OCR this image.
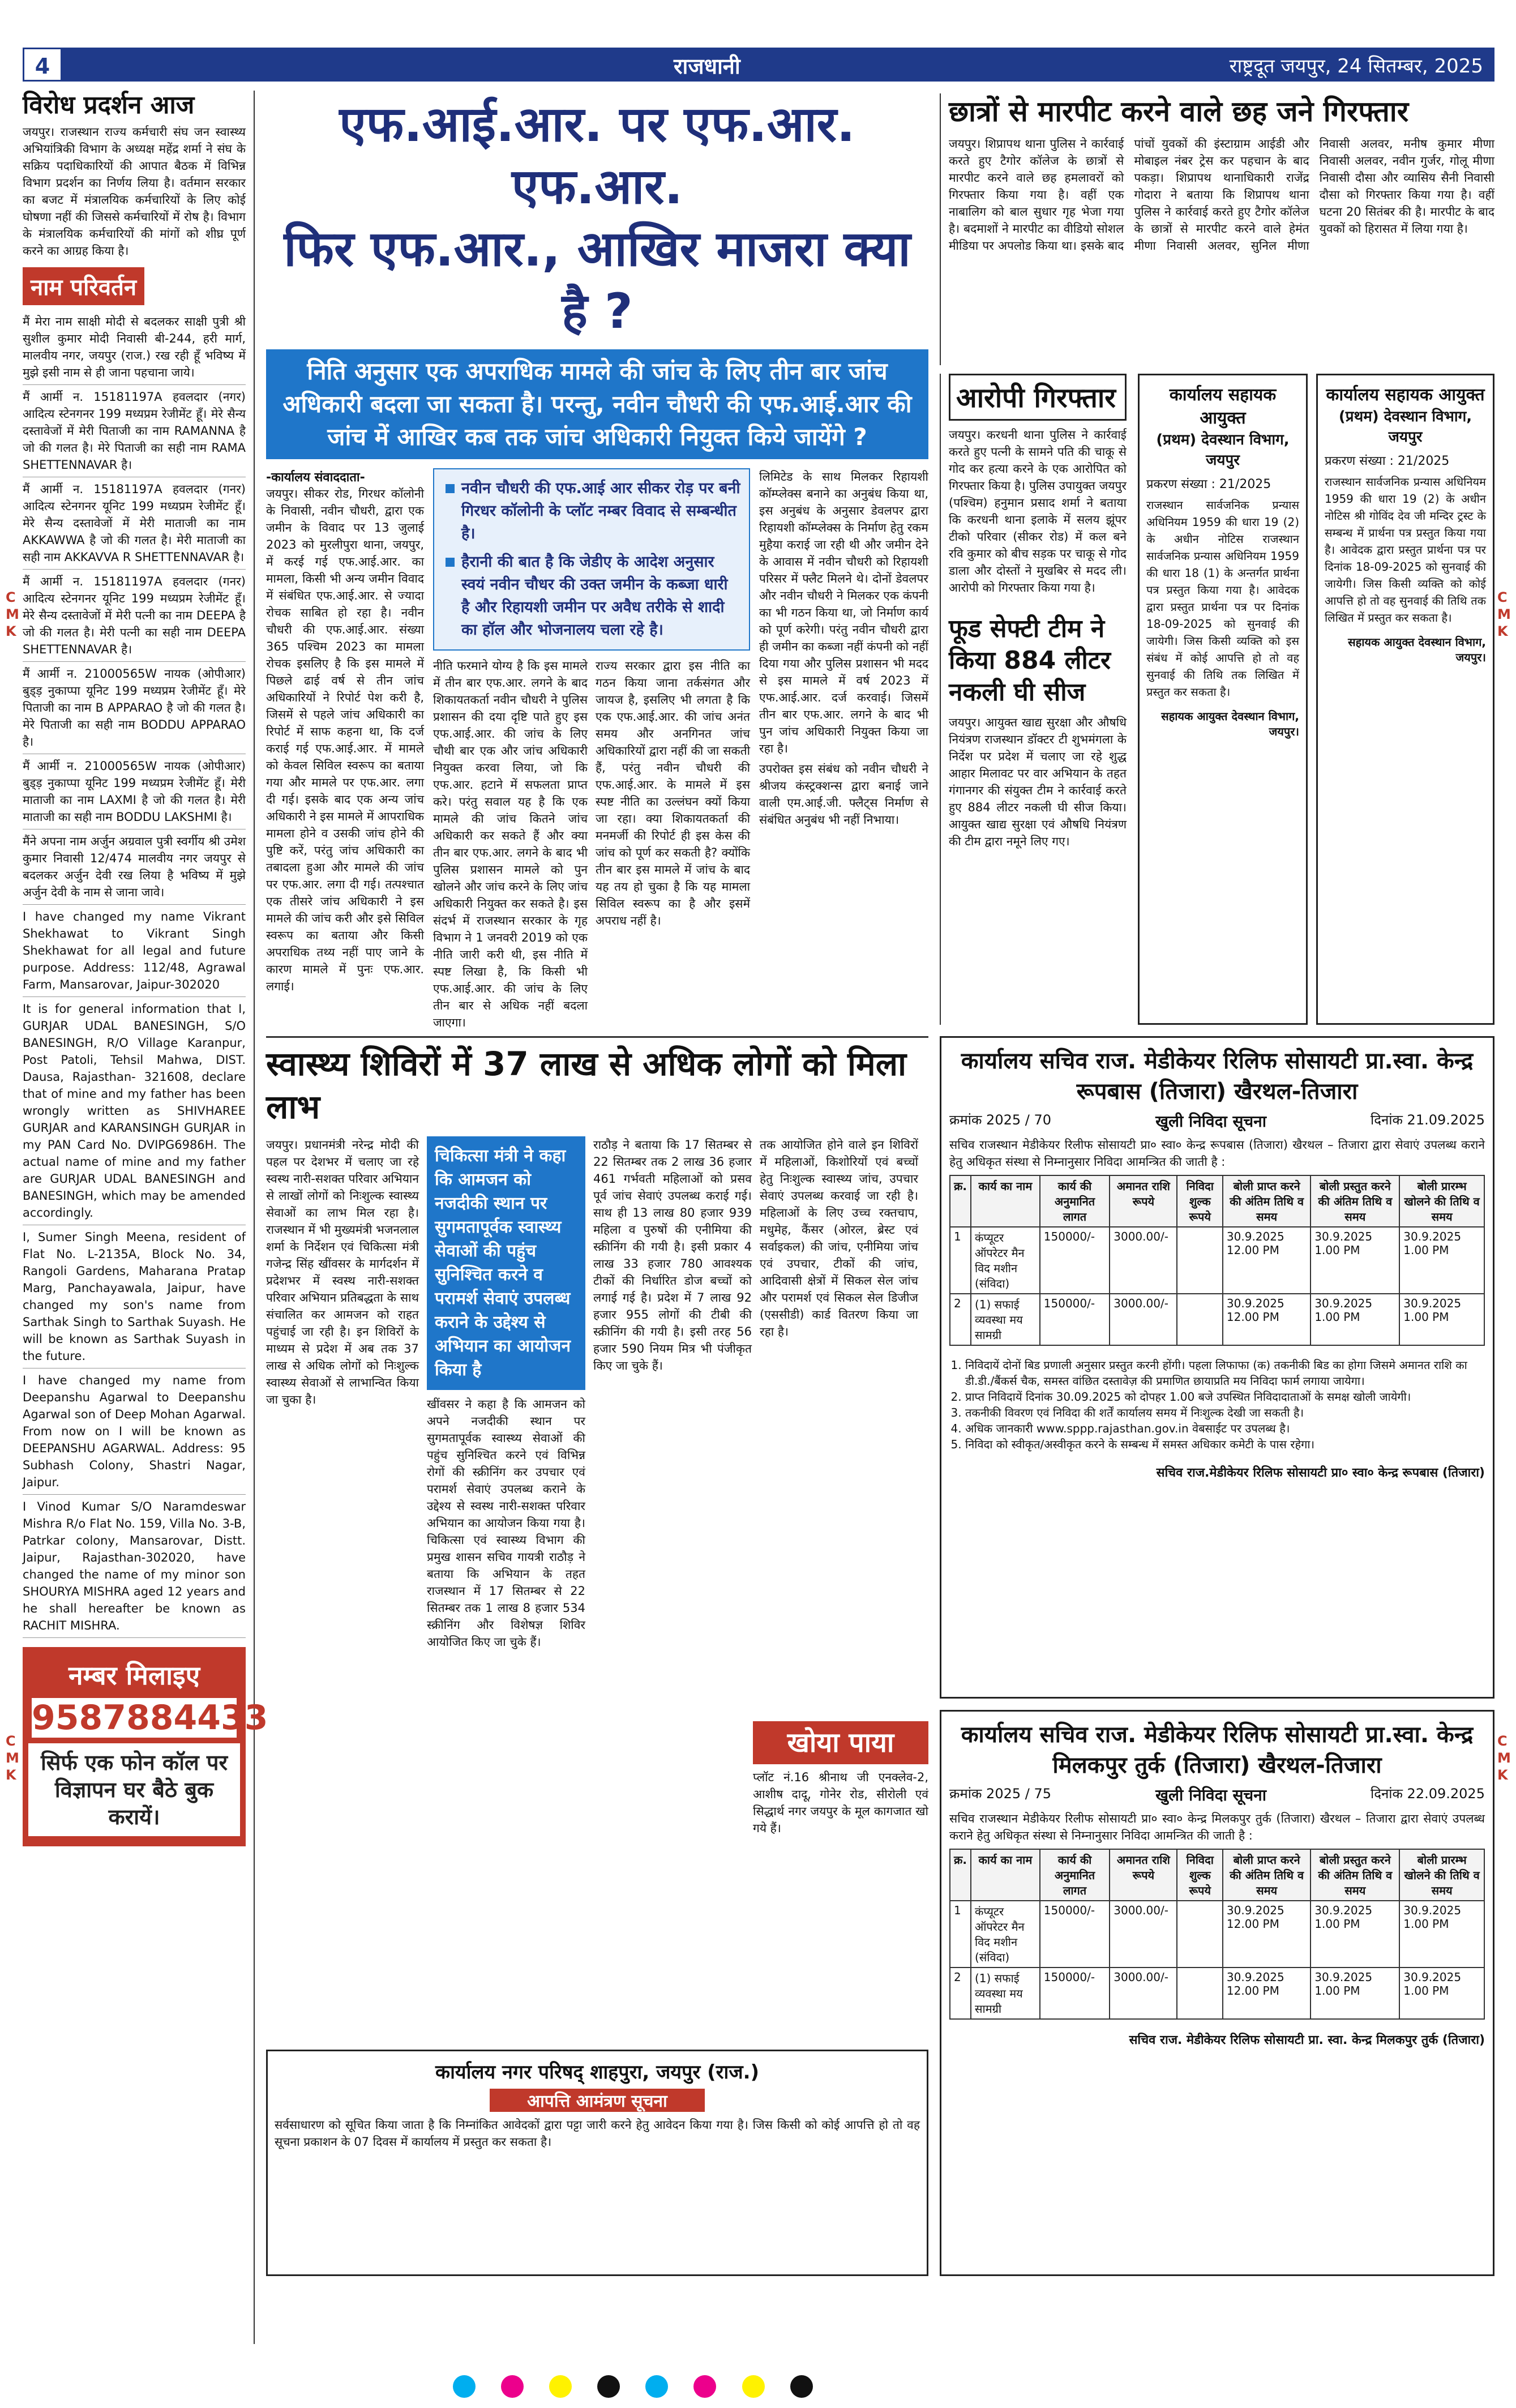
4	राजधानी	राष्ट्रदूत जयपुर, 24 सितम्बर, 2025
विरोध प्रदर्शन आज
जयपुर। राजस्थान राज्य कर्मचारी संघ जन स्वास्थ्य अभियांत्रिकी विभाग के अध्यक्ष महेंद्र शर्मा ने संघ के सक्रिय पदाधिकारियों की आपात बैठक में विभिन्न विभाग प्रदर्शन का निर्णय लिया है। वर्तमान सरकार का बजट में मंत्रालयिक कर्मचारियों के लिए कोई घोषणा नहीं की जिससे कर्मचारियों में रोष है। विभाग के मंत्रालयिक कर्मचारियों की मांगों को शीघ्र पूर्ण करने का आग्रह किया है।
नाम परिवर्तन
मैं मेरा नाम साक्षी मोदी से बदलकर साक्षी पुत्री श्री सुशील कुमार मोदी निवासी बी-244, हरी मार्ग, मालवीय नगर, जयपुर (राज.) रख रही हूँ भविष्य में मुझे इसी नाम से ही जाना पहचाना जाये।
मैं आर्मी न. 15181197A हवलदार (नगर) आदित्य स्टेनगनर 199 मध्यप्रम रेजीमेंट हूँ। मेरे सैन्य दस्तावेजों में मेरी पिताजी का नाम RAMANNA है जो की गलत है। मेरे पिताजी का सही नाम RAMA SHETTENNAVAR है।
मैं आर्मी न. 15181197A हवलदार (गनर) आदित्य स्टेनगनर यूनिट 199 मध्यप्रम रेजीमेंट हूँ। मेरे सैन्य दस्तावेजों में मेरी माताजी का नाम AKKAWWA है जो की गलत है। मेरी माताजी का सही नाम AKKAVVA R SHETTENNAVAR है।
मैं आर्मी न. 15181197A हवलदार (गनर) आदित्य स्टेनगनर यूनिट 199 मध्यप्रम रेजीमेंट हूँ। मेरे सैन्य दस्तावेजों में मेरी पत्नी का नाम DEEPA है जो की गलत है। मेरी पत्नी का सही नाम DEEPA SHETTENNAVAR है।
मैं आर्मी न. 21000565W नायक (ओपीआर) बुड्ड़ नुकाप्पा यूनिट 199 मध्यप्रम रेजीमेंट हूँ। मेरे पिताजी का नाम B APPARAO है जो की गलत है। मेरे पिताजी का सही नाम BODDU APPARAO है।
मैं आर्मी न. 21000565W नायक (ओपीआर) बुड्ड़ नुकाप्पा यूनिट 199 मध्यप्रम रेजीमेंट हूँ। मेरी माताजी का नाम LAXMI है जो की गलत है। मेरी माताजी का सही नाम BODDU LAKSHMI है।
मैंने अपना नाम अर्जुन अग्रवाल पुत्री स्वर्गीय श्री उमेश कुमार निवासी 12/474 मालवीय नगर जयपुर से बदलकर अर्जुन देवी रख लिया है भविष्य में मुझे अर्जुन देवी के नाम से जाना जावे।
I have changed my name Vikrant Shekhawat to Vikrant Singh Shekhawat for all legal and future purpose. Address: 112/48, Agrawal Farm, Mansarovar, Jaipur-302020
It is for general information that I, GURJAR UDAL BANESINGH, S/O BANESINGH, R/O Village Karanpur, Post Patoli, Tehsil Mahwa, DIST. Dausa, Rajasthan- 321608, declare that of mine and my father has been wrongly written as SHIVHAREE GURJAR and KARANSINGH GURJAR in my PAN Card No. DVIPG6986H. The actual name of mine and my father are GURJAR UDAL BANESINGH and BANESINGH, which may be amended accordingly.
I, Sumer Singh Meena, resident of Flat No. L-2135A, Block No. 34, Rangoli Gardens, Maharana Pratap Marg, Panchayawala, Jaipur, have changed my son's name from Sarthak Singh to Sarthak Suyash. He will be known as Sarthak Suyash in the future.
I have changed my name from Deepanshu Agarwal to Deepanshu Agarwal son of Deep Mohan Agarwal. From now on I will be known as DEEPANSHU AGARWAL. Address: 95 Subhash Colony, Shastri Nagar, Jaipur.
I Vinod Kumar S/O Naramdeswar Mishra R/o Flat No. 159, Villa No. 3-B, Patrkar colony, Mansarovar, Distt. Jaipur, Rajasthan-302020, have changed the name of my minor son SHOURYA MISHRA aged 12 years and he shall hereafter be known as RACHIT MISHRA.
नम्बर मिलाइए
9587884433
सिर्फ एक फोन कॉल पर विज्ञापन घर बैठे बुक करायें।
C
M
K
C
M
K
C
M
K
C
M
K
एफ.आई.आर. पर एफ.आर. एफ.आर.
फिर एफ.आर., आखिर माजरा क्या है ?
निति अनुसार एक अपराधिक मामले की जांच के लिए तीन बार जांच अधिकारी बदला जा सकता है। परन्तु, नवीन चौधरी की एफ.आई.आर की जांच में आखिर कब तक जांच अधिकारी नियुक्त किये जायेंगे ?
-कार्यालय संवाददाता-
जयपुर। सीकर रोड, गिरधर कॉलोनी के निवासी, नवीन चौधरी, द्वारा एक जमीन के विवाद पर 13 जुलाई 2023 को मुरलीपुरा थाना, जयपुर, में करई गई एफ.आई.आर. का मामला, किसी भी अन्य जमीन विवाद में संबंधित एफ.आई.आर. से ज्यादा रोचक साबित हो रहा है। नवीन चौधरी की एफ.आई.आर. संख्या 365 पश्चिम 2023 का मामला रोचक इसलिए है कि इस मामले में पिछले ढाई वर्ष से तीन जांच अधिकारियों ने रिपोर्ट पेश करी है, जिसमें से पहले जांच अधिकारी का रिपोर्ट में साफ कहना था, कि दर्ज कराई गई एफ.आई.आर. में मामले को केवल सिविल स्वरूप का बताया गया और मामले पर एफ.आर. लगा दी गई। इसके बाद एक अन्य जांच अधिकारी ने इस मामले में आपराधिक मामला होने व उसकी जांच होने की पुष्टि करें, परंतु जांच अधिकारी का तबादला हुआ और मामले की जांच पर एफ.आर. लगा दी गई। तत्पश्चात एक तीसरे जांच अधिकारी ने इस मामले की जांच करी और इसे सिविल स्वरूप का बताया और किसी अपराधिक तथ्य नहीं पाए जाने के कारण मामले में पुनः एफ.आर. लगाई।
नवीन चौधरी की एफ.आई आर सीकर रोड़ पर बनी गिरधर कॉलोनी के प्लॉट नम्बर विवाद से सम्बन्धीत है।
हैरानी की बात है कि जेडीए के आदेश अनुसार स्वयं नवीन चौधर की उक्त जमीन के कब्जा धारी है और रिहायशी जमीन पर अवैध तरीके से शादी का हॉल और भोजनालय चला रहे है।
नीति फरमाने योग्य है कि इस मामले में तीन बार एफ.आर. लगने के बाद शिकायतकर्ता नवीन चौधरी ने पुलिस प्रशासन की दया दृष्टि पाते हुए इस एफ.आई.आर. की जांच के लिए चौथी बार एक और जांच अधिकारी नियुक्त करवा लिया, जो कि एफ.आर. हटाने में सफलता प्राप्त करे। परंतु सवाल यह है कि एक मामले की जांच कितने जांच अधिकारी कर सकते हैं और क्या तीन बार एफ.आर. लगने के बाद भी पुलिस प्रशासन मामले को पुन खोलने और जांच करने के लिए जांच अधिकारी नियुक्त कर सकते है। इस संदर्भ में राजस्थान सरकार के गृह विभाग ने 1 जनवरी 2019 को एक नीति जारी करी थी, इस नीति में स्पष्ट लिखा है, कि किसी भी एफ.आई.आर. की जांच के लिए तीन बार से अधिक नहीं बदला जाएगा।
राज्य सरकार द्वारा इस नीति का गठन किया जाना तर्कसंगत और जायज है, इसलिए भी लगता है कि एक एफ.आई.आर. की जांच अनंत समय और अनगिनत जांच अधिकारियों द्वारा नहीं की जा सकती हैं, परंतु नवीन चौधरी की एफ.आई.आर. के मामले में इस स्पष्ट नीति का उल्लंघन क्यों किया जा रहा। क्या शिकायतकर्ता की मनमर्जी की रिपोर्ट ही इस केस की जांच को पूर्ण कर सकती है? क्योंकि तीन बार इस मामले में जांच के बाद यह तय हो चुका है कि यह मामला सिविल स्वरूप का है और इसमें अपराध नहीं है।
लिमिटेड के साथ मिलकर रिहायशी कॉम्प्लेक्स बनाने का अनुबंध किया था, इस अनुबंध के अनुसार डेवलपर द्वारा रिहायशी कॉम्प्लेक्स के निर्माण हेतु रकम मुहैया कराई जा रही थी और जमीन देने के आवास में नवीन चौधरी को रिहायशी परिसर में फ्लैट मिलने थे। दोनों डेवलपर और नवीन चौधरी ने मिलकर एक कंपनी का भी गठन किया था, जो निर्माण कार्य को पूर्ण करेगी। परंतु नवीन चौधरी द्वारा ही जमीन का कब्जा नहीं कंपनी को नहीं दिया गया और पुलिस प्रशासन भी मदद से इस मामले में वर्ष 2023 में एफ.आई.आर. दर्ज करवाई। जिसमें तीन बार एफ.आर. लगने के बाद भी पुन जांच अधिकारी नियुक्त किया जा रहा है।
उपरोक्त इस संबंध को नवीन चौधरी ने श्रीजय कंस्ट्रक्शन्स द्वारा बनाई जाने वाली एम.आई.जी. फ्लैट्स निर्माण से संबंधित अनुबंध भी नहीं निभाया।
छात्रों से मारपीट करने वाले छह जने गिरफ्तार
जयपुर। शिप्रापथ थाना पुलिस ने कार्रवाई करते हुए टैगोर कॉलेज के छात्रों से मारपीट करने वाले छह हमलावरों को गिरफ्तार किया गया है। वहीं एक नाबालिग को बाल सुधार गृह भेजा गया है। बदमाशों ने मारपीट का वीडियो सोशल मीडिया पर अपलोड किया था। इसके बाद पांचों युवकों की इंस्टाग्राम आईडी और मोबाइल नंबर ट्रेस कर पहचान के बाद पकड़ा। शिप्रापथ थानाधिकारी राजेंद्र गोदारा ने बताया कि शिप्रापथ थाना पुलिस ने कार्रवाई करते हुए टैगोर कॉलेज के छात्रों से मारपीट करने वाले हेमंत मीणा निवासी अलवर, सुनिल मीणा निवासी अलवर, मनीष कुमार मीणा निवासी अलवर, नवीन गुर्जर, गोलू मीणा निवासी दौसा और व्यासिय सैनी निवासी दौसा को गिरफ्तार किया गया है। वहीं घटना 20 सितंबर की है। मारपीट के बाद युवकों को हिरासत में लिया गया है।
आरोपी गिरफ्तार
जयपुर। करधनी थाना पुलिस ने कार्रवाई करते हुए पत्नी के सामने पति की चाकू से गोद कर हत्या करने के एक आरोपित को गिरफ्तार किया है। पुलिस उपायुक्त जयपुर (पश्चिम) हनुमान प्रसाद शर्मा ने बताया कि करधनी थाना इलाके में सलय झूंपर टीको परिवार (सीकर रोड) में कल बने रवि कुमार को बीच सड़क पर चाकू से गोद डाला और दोस्तों ने मुखबिर से मदद ली। आरोपी को गिरफ्तार किया गया है।
फूड सेफ्टी टीम ने किया 884 लीटर नकली घी सीज
जयपुर। आयुक्त खाद्य सुरक्षा और औषधि नियंत्रण राजस्थान डॉक्टर टी शुभमंगला के निर्देश पर प्रदेश में चलाए जा रहे शुद्ध आहार मिलावट पर वार अभियान के तहत गंगानगर की संयुक्त टीम ने कार्रवाई करते हुए 884 लीटर नकली घी सीज किया। आयुक्त खाद्य सुरक्षा एवं औषधि नियंत्रण की टीम द्वारा नमूने लिए गए।
कार्यालय सहायक आयुक्त
(प्रथम) देवस्थान विभाग, जयपुर
प्रकरण संख्या : 21/2025
राजस्थान सार्वजनिक प्रन्यास अधिनियम 1959 की धारा 19 (2) के अधीन नोटिस राजस्थान सार्वजनिक प्रन्यास अधिनियम 1959 की धारा 18 (1) के अन्तर्गत प्रार्थना पत्र प्रस्तुत किया गया है। आवेदक द्वारा प्रस्तुत प्रार्थना पत्र पर दिनांक 18-09-2025 को सुनवाई की जायेगी। जिस किसी व्यक्ति को इस संबंध में कोई आपत्ति हो तो वह सुनवाई की तिथि तक लिखित में प्रस्तुत कर सकता है।
सहायक आयुक्त देवस्थान विभाग, जयपुर।
कार्यालय सहायक आयुक्त
(प्रथम) देवस्थान विभाग, जयपुर
प्रकरण संख्या : 21/2025
राजस्थान सार्वजनिक प्रन्यास अधिनियम 1959 की धारा 19 (2) के अधीन नोटिस श्री गोविंद देव जी मन्दिर ट्रस्ट के सम्बन्ध में प्रार्थना पत्र प्रस्तुत किया गया है। आवेदक द्वारा प्रस्तुत प्रार्थना पत्र पर दिनांक 18-09-2025 को सुनवाई की जायेगी। जिस किसी व्यक्ति को कोई आपत्ति हो तो वह सुनवाई की तिथि तक लिखित में प्रस्तुत कर सकता है।
सहायक आयुक्त देवस्थान विभाग, जयपुर।
स्वास्थ्य शिविरों में 37 लाख से अधिक लोगों को मिला लाभ
जयपुर। प्रधानमंत्री नरेन्द्र मोदी की पहल पर देशभर में चलाए जा रहे स्वस्थ नारी-सशक्त परिवार अभियान से लाखों लोगों को निःशुल्क स्वास्थ्य सेवाओं का लाभ मिल रहा है। राजस्थान में भी मुख्यमंत्री भजनलाल शर्मा के निर्देशन एवं चिकित्सा मंत्री गजेन्द्र सिंह खींवसर के मार्गदर्शन में प्रदेशभर में स्वस्थ नारी-सशक्त परिवार अभियान प्रतिबद्धता के साथ संचालित कर आमजन को राहत पहुंचाई जा रही है। इन शिविरों के माध्यम से प्रदेश में अब तक 37 लाख से अधिक लोगों को निःशुल्क स्वास्थ्य सेवाओं से लाभान्वित किया जा चुका है।
चिकित्सा मंत्री ने कहा कि आमजन को नजदीकी स्थान पर सुगमतापूर्वक स्वास्थ्य सेवाओं की पहुंच सुनिश्चित करने व परामर्श सेवाएं उपलब्ध कराने के उद्देश्य से अभियान का आयोजन किया है
खींवसर ने कहा है कि आमजन को अपने नजदीकी स्थान पर सुगमतापूर्वक स्वास्थ्य सेवाओं की पहुंच सुनिश्चित करने एवं विभिन्न रोगों की स्क्रीनिंग कर उपचार एवं परामर्श सेवाएं उपलब्ध कराने के उद्देश्य से स्वस्थ नारी-सशक्त परिवार अभियान का आयोजन किया गया है। चिकित्सा एवं स्वास्थ्य विभाग की प्रमुख शासन सचिव गायत्री राठौड़ ने बताया कि अभियान के तहत राजस्थान में 17 सितम्बर से 22 सितम्बर तक 1 लाख 8 हजार 534 स्क्रीनिंग और विशेषज्ञ शिविर आयोजित किए जा चुके हैं।
राठौड़ ने बताया कि 17 सितम्बर से 22 सितम्बर तक 2 लाख 36 हजार 461 गर्भवती महिलाओं को प्रसव पूर्व जांच सेवाएं उपलब्ध कराई गई। साथ ही 13 लाख 80 हजार 939 महिला व पुरुषों की एनीमिया की स्क्रीनिंग की गयी है। इसी प्रकार 4 लाख 33 हजार 780 आवश्यक टीकों की निर्धारित डोज बच्चों को लगाई गई है। प्रदेश में 7 लाख 92 हजार 955 लोगों की टीबी की स्क्रीनिंग की गयी है। इसी तरह 56 हजार 590 नियम मित्र भी पंजीकृत किए जा चुके हैं।
तक आयोजित होने वाले इन शिविरों में महिलाओं, किशोरियों एवं बच्चों हेतु निःशुल्क स्वास्थ्य जांच, उपचार सेवाएं उपलब्ध करवाई जा रही है। महिलाओं के लिए उच्च रक्तचाप, मधुमेह, कैंसर (ओरल, ब्रेस्ट एवं सर्वाइकल) की जांच, एनीमिया जांच एवं उपचार, टीकों की जांच, आदिवासी क्षेत्रों में सिकल सेल जांच और परामर्श एवं सिकल सेल डिजीज (एससीडी) कार्ड वितरण किया जा रहा है।
खोया पाया
प्लॉट नं.16 श्रीनाथ जी एनक्लेव-2, आशीष दादू, गोनेर रोड, सीरोली एवं सिद्धार्थ नगर जयपुर के मूल कागजात खो गये हैं।
कार्यालय नगर परिषद् शाहपुरा, जयपुर (राज.)
आपत्ति आमंत्रण सूचना
सर्वसाधारण को सूचित किया जाता है कि निम्नांकित आवेदकों द्वारा पट्टा जारी करने हेतु आवेदन किया गया है। जिस किसी को कोई आपत्ति हो तो वह सूचना प्रकाशन के 07 दिवस में कार्यालय में प्रस्तुत कर सकता है।
कार्यालय सचिव राज. मेडीकेयर रिलिफ सोसायटी प्रा.स्वा. केन्द्र रूपबास (तिजारा) खैरथल-तिजारा
क्रमांक 2025 / 70	खुली निविदा सूचना	दिनांक 21.09.2025
सचिव राजस्थान मेडीकेयर रिलीफ सोसायटी प्रा० स्वा० केन्द्र रूपबास (तिजारा) खैरथल – तिजारा द्वारा सेवाएं उपलब्ध कराने हेतु अधिकृत संस्था से निम्नानुसार निविदा आमन्त्रित की जाती है :
क्र.	कार्य का नाम	कार्य की अनुमानित लागत	अमानत राशि रूपये	निविदा शुल्क रूपये	बोली प्राप्त करने की अंतिम तिथि व समय	बोली प्रस्तुत करने की अंतिम तिथि व समय	बोली प्रारम्भ खोलने की तिथि व समय
1	कंप्यूटर ऑपरेटर मैन विद मशीन (संविदा)	150000/-	3000.00/-		30.9.2025 12.00 PM	30.9.2025 1.00 PM	30.9.2025 1.00 PM
2	(1) सफाई व्यवस्था मय सामग्री	150000/-	3000.00/-		30.9.2025 12.00 PM	30.9.2025 1.00 PM	30.9.2025 1.00 PM
1. निविदायें दोनों बिड प्रणाली अनुसार प्रस्तुत करनी होंगी। पहला लिफाफा (क) तकनीकी बिड का होगा जिसमे अमानत राशि का डी.डी./बैंकर्स चैक, समस्त वांछित दस्तावेज़ की प्रमाणित छायाप्रति मय निविदा फार्म लगाया जायेगा।
2. प्राप्त निविदायें दिनांक 30.09.2025 को दोपहर 1.00 बजे उपस्थित निविदादाताओं के समक्ष खोली जायेगी।
3. तकनीकी विवरण एवं निविदा की शर्तें कार्यालय समय में निःशुल्क देखी जा सकती है।
4. अधिक जानकारी www.sppp.rajasthan.gov.in वेबसाईट पर उपलब्ध है।
5. निविदा को स्वीकृत/अस्वीकृत करने के सम्बन्ध में समस्त अधिकार कमेटी के पास रहेगा।
सचिव राज.मेडीकेयर रिलिफ सोसायटी प्रा० स्वा० केन्द्र रूपबास (तिजारा)
कार्यालय सचिव राज. मेडीकेयर रिलिफ सोसायटी प्रा.स्वा. केन्द्र मिलकपुर तुर्क (तिजारा) खैरथल-तिजारा
क्रमांक 2025 / 75	खुली निविदा सूचना	दिनांक 22.09.2025
सचिव राजस्थान मेडीकेयर रिलीफ सोसायटी प्रा० स्वा० केन्द्र मिलकपुर तुर्क (तिजारा) खैरथल – तिजारा द्वारा सेवाएं उपलब्ध कराने हेतु अधिकृत संस्था से निम्नानुसार निविदा आमन्त्रित की जाती है :
क्र.	कार्य का नाम	कार्य की अनुमानित लागत	अमानत राशि रूपये	निविदा शुल्क रूपये	बोली प्राप्त करने की अंतिम तिथि व समय	बोली प्रस्तुत करने की अंतिम तिथि व समय	बोली प्रारम्भ खोलने की तिथि व समय
1	कंप्यूटर ऑपरेटर मैन विद मशीन (संविदा)	150000/-	3000.00/-		30.9.2025 12.00 PM	30.9.2025 1.00 PM	30.9.2025 1.00 PM
2	(1) सफाई व्यवस्था मय सामग्री	150000/-	3000.00/-		30.9.2025 12.00 PM	30.9.2025 1.00 PM	30.9.2025 1.00 PM
सचिव राज. मेडीकेयर रिलिफ सोसायटी प्रा. स्वा. केन्द्र मिलकपुर तुर्क (तिजारा)
